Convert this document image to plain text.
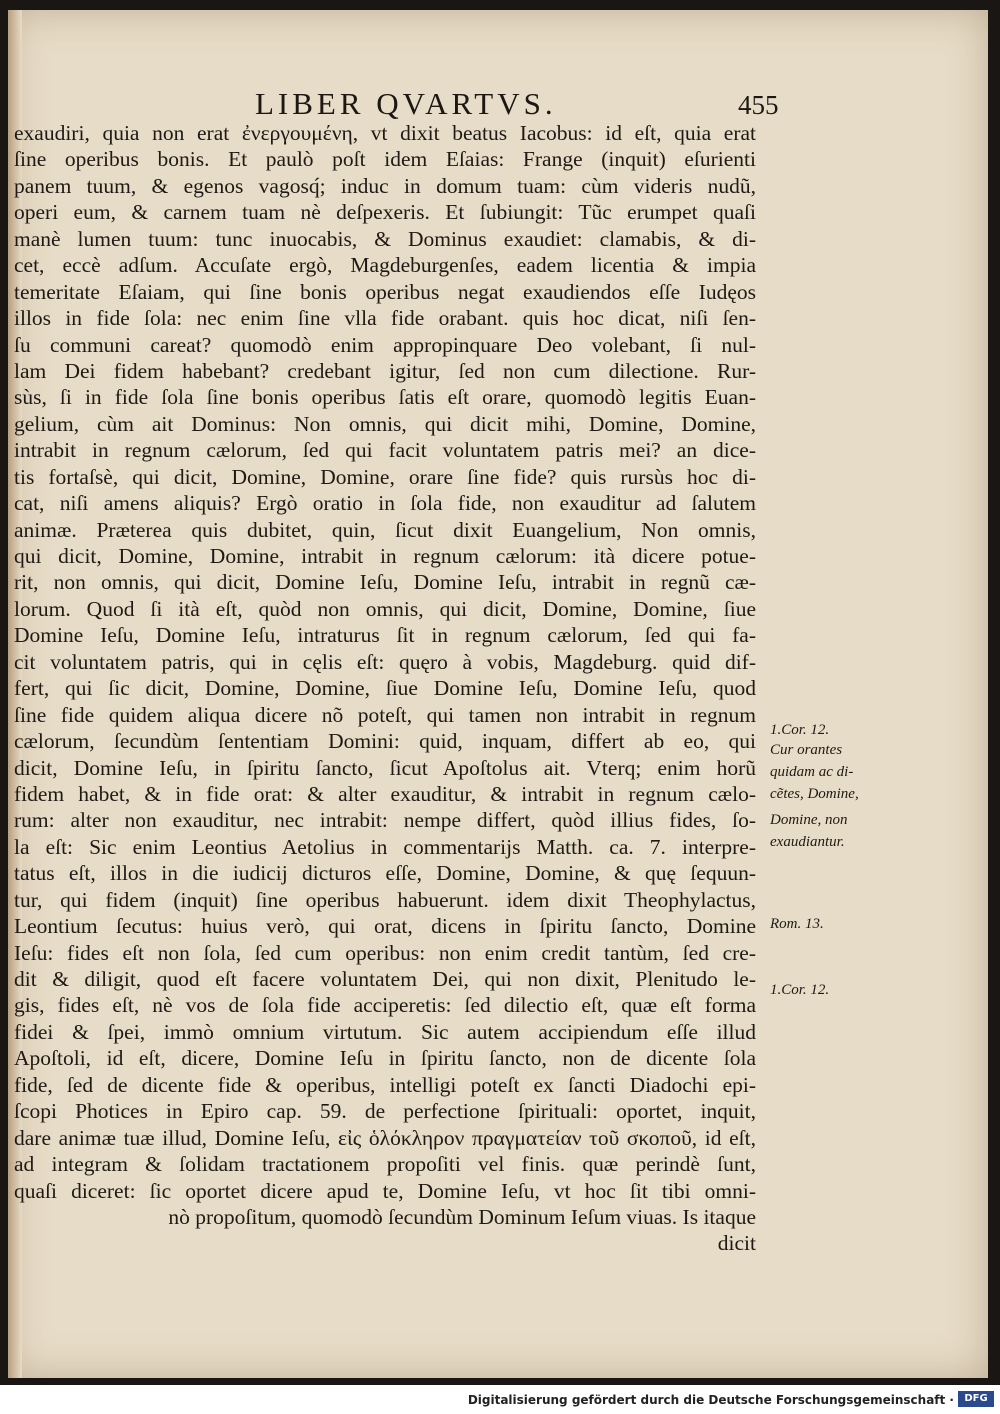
LIBER QVARTVS.	455
exaudiri, quia non erat ἐνεργουμένη, vt dixit beatus Iacobus: id eſt, quia erat
ſine operibus bonis. Et paulò poſt idem Eſaias: Frange (inquit) eſurienti
panem tuum, & egenos vagosq́; induc in domum tuam: cùm videris nudũ,
operi eum, & carnem tuam nè deſpexeris. Et ſubiungit: Tũc erumpet quaſi
manè lumen tuum: tunc inuocabis, & Dominus exaudiet: clamabis, & di-
cet, eccè adſum. Accuſate ergò, Magdeburgenſes, eadem licentia & impia
temeritate Eſaiam, qui ſine bonis operibus negat exaudiendos eſſe Iudęos
illos in fide ſola: nec enim ſine vlla fide orabant. quis hoc dicat, niſi ſen-
ſu communi careat? quomodò enim appropinquare Deo volebant, ſi nul-
lam Dei fidem habebant? credebant igitur, ſed non cum dilectione. Rur-
sùs, ſi in fide ſola ſine bonis operibus ſatis eſt orare, quomodò legitis Euan-
gelium, cùm ait Dominus: Non omnis, qui dicit mihi, Domine, Domine,
intrabit in regnum cælorum, ſed qui facit voluntatem patris mei? an dice-
tis fortaſsè, qui dicit, Domine, Domine, orare ſine fide? quis rursùs hoc di-
cat, niſi amens aliquis? Ergò oratio in ſola fide, non exauditur ad ſalutem
animæ. Præterea quis dubitet, quin, ſicut dixit Euangelium, Non omnis,
qui dicit, Domine, Domine, intrabit in regnum cælorum: ità dicere potue-
rit, non omnis, qui dicit, Domine Ieſu, Domine Ieſu, intrabit in regnũ cæ-
lorum. Quod ſi ità eſt, quòd non omnis, qui dicit, Domine, Domine, ſiue
Domine Ieſu, Domine Ieſu, intraturus ſit in regnum cælorum, ſed qui fa-
cit voluntatem patris, qui in cęlis eſt: quęro à vobis, Magdeburg. quid dif-
fert, qui ſic dicit, Domine, Domine, ſiue Domine Ieſu, Domine Ieſu, quod
ſine fide quidem aliqua dicere nõ poteſt, qui tamen non intrabit in regnum
cælorum, ſecundùm ſententiam Domini: quid, inquam, differt ab eo, qui
dicit, Domine Ieſu, in ſpiritu ſancto, ſicut Apoſtolus ait. Vterq; enim horũ
fidem habet, & in fide orat: & alter exauditur, & intrabit in regnum cælo-
rum: alter non exauditur, nec intrabit: nempe differt, quòd illius fides, ſo-
la eſt: Sic enim Leontius Aetolius in commentarijs Matth. ca. 7. interpre-
tatus eſt, illos in die iudicij dicturos eſſe, Domine, Domine, & quę ſequun-
tur, qui fidem (inquit) ſine operibus habuerunt. idem dixit Theophylactus,
Leontium ſecutus: huius verò, qui orat, dicens in ſpiritu ſancto, Domine
Ieſu: fides eſt non ſola, ſed cum operibus: non enim credit tantùm, ſed cre-
dit & diligit, quod eſt facere voluntatem Dei, qui non dixit, Plenitudo le-
gis, fides eſt, nè vos de ſola fide acciperetis: ſed dilectio eſt, quæ eſt forma
fidei & ſpei, immò omnium virtutum. Sic autem accipiendum eſſe illud
Apoſtoli, id eſt, dicere, Domine Ieſu in ſpiritu ſancto, non de dicente ſola
fide, ſed de dicente fide & operibus, intelligi poteſt ex ſancti Diadochi epi-
ſcopi Photices in Epiro cap. 59. de perfectione ſpirituali: oportet, inquit,
dare animæ tuæ illud, Domine Ieſu, εἰς ὁλόκληρον πραγματείαν τοῦ σκοποῦ, id eſt,
ad integram & ſolidam tractationem propoſiti vel finis. quæ perindè ſunt,
quaſi diceret: ſic oportet dicere apud te, Domine Ieſu, vt hoc ſit tibi omni-
nò propoſitum, quomodò ſecundùm Dominum Ieſum viuas. Is itaque
dicit
1.Cor. 12.
Cur orantes
quidam ac di-
cẽtes, Domine,
Domine, non
exaudiantur.
Rom. 13.
1.Cor. 12.
Digitalisierung gefördert durch die Deutsche Forschungsgemeinschaft ·	DFG
